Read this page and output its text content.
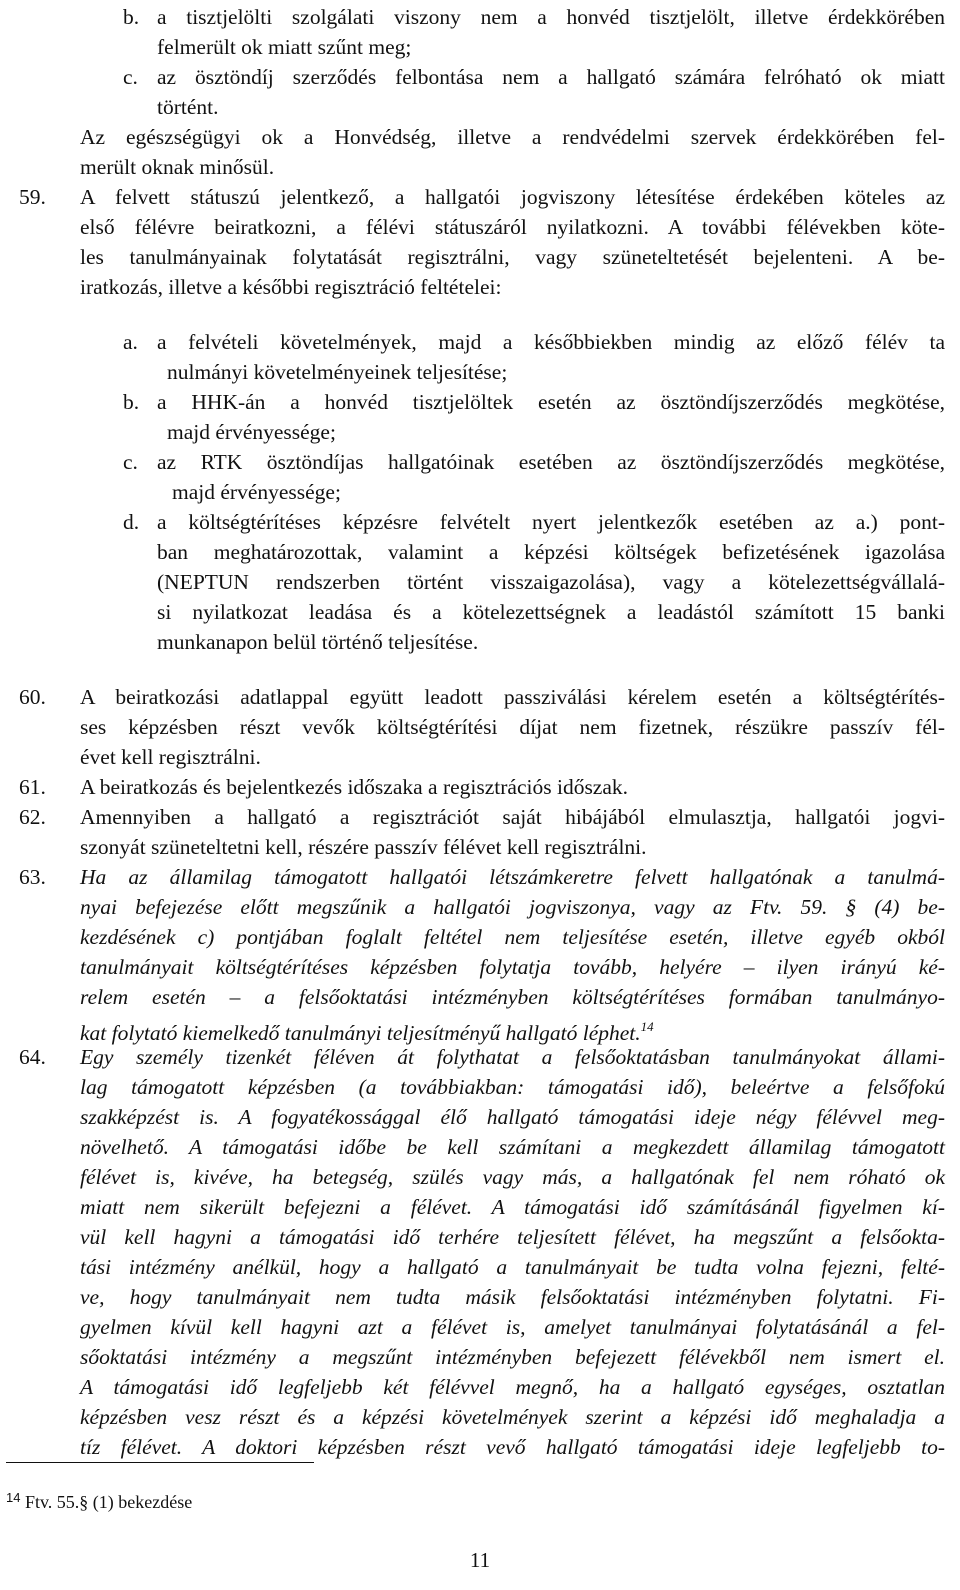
b. a tisztjelölti szolgálati viszony nem a honvéd tisztjelölt, illetve érdekkörében
felmerült ok miatt szűnt meg;
c. az ösztöndíj szerződés felbontása nem a hallgató számára felróható ok miatt
történt.
Az egészségügyi ok a Honvédség, illetve a rendvédelmi szervek érdekkörében fel-
merült oknak minősül.
59. A felvett státuszú jelentkező, a hallgatói jogviszony létesítése érdekében köteles az
első félévre beiratkozni, a félévi státuszáról nyilatkozni. A további félévekben köte-
les tanulmányainak folytatását regisztrálni, vagy szüneteltetését bejelenteni. A be-
iratkozás, illetve a későbbi regisztráció feltételei:
a. a felvételi követelmények, majd a későbbiekben mindig az előző félév ta
nulmányi követelményeinek teljesítése;
b. a HHK-án a honvéd tisztjelöltek esetén az ösztöndíjszerződés megkötése,
majd érvényessége;
c. az RTK ösztöndíjas hallgatóinak esetében az ösztöndíjszerződés megkötése,
majd érvényessége;
d. a költségtérítéses képzésre felvételt nyert jelentkezők esetében az a.) pont-
ban meghatározottak, valamint a képzési költségek befizetésének igazolása
(NEPTUN rendszerben történt visszaigazolása), vagy a kötelezettségvállalá-
si nyilatkozat leadása és a kötelezettségnek a leadástól számított 15 banki
munkanapon belül történő teljesítése.
60. A beiratkozási adatlappal együtt leadott passziválási kérelem esetén a költségtérítés-
ses képzésben részt vevők költségtérítési díjat nem fizetnek, részükre passzív fél-
évet kell regisztrálni.
61. A beiratkozás és bejelentkezés időszaka a regisztrációs időszak.
62. Amennyiben a hallgató a regisztrációt saját hibájából elmulasztja, hallgatói jogvi-
szonyát szüneteltetni kell, részére passzív félévet kell regisztrálni.
63. Ha az államilag támogatott hallgatói létszámkeretre felvett hallgatónak a tanulmá-
nyai befejezése előtt megszűnik a hallgatói jogviszonya, vagy az Ftv. 59. § (4) be-
kezdésének c) pontjában foglalt feltétel nem teljesítése esetén, illetve egyéb okból
tanulmányait költségtérítéses képzésben folytatja tovább, helyére – ilyen irányú ké-
relem esetén – a felsőoktatási intézményben költségtérítéses formában tanulmányo-
kat folytató kiemelkedő tanulmányi teljesítményű hallgató léphet.$^{14}$
64. Egy személy tizenkét féléven át folythatat a felsőoktatásban tanulmányokat állami-
lag támogatott képzésben (a továbbiakban: támogatási idő), beleértve a felsőfokú
szakképzést is. A fogyatékossággal élő hallgató támogatási ideje négy félévvel meg-
növelhető. A támogatási időbe be kell számítani a megkezdett államilag támogatott
félévet is, kivéve, ha betegség, szülés vagy más, a hallgatónak fel nem róható ok
miatt nem sikerült befejezni a félévet. A támogatási idő számításánál figyelmen kí-
vül kell hagyni a támogatási idő terhére teljesített félévet, ha megszűnt a felsőokta-
tási intézmény anélkül, hogy a hallgató a tanulmányait be tudta volna fejezni, felté-
ve, hogy tanulmányait nem tudta másik felsőoktatási intézményben folytatni. Fi-
gyelmen kívül kell hagyni azt a félévet is, amelyet tanulmányai folytatásánál a fel-
sőoktatási intézmény a megszűnt intézményben befejezett félévekből nem ismert el.
A támogatási idő legfeljebb két félévvel megnő, ha a hallgató egységes, osztatlan
képzésben vesz részt és a képzési követelmények szerint a képzési idő meghaladja a
tíz félévet. A doktori képzésben részt vevő hallgató támogatási ideje legfeljebb to-
$^{14}$ Ftv. 55.§ (1) bekezdése
11
